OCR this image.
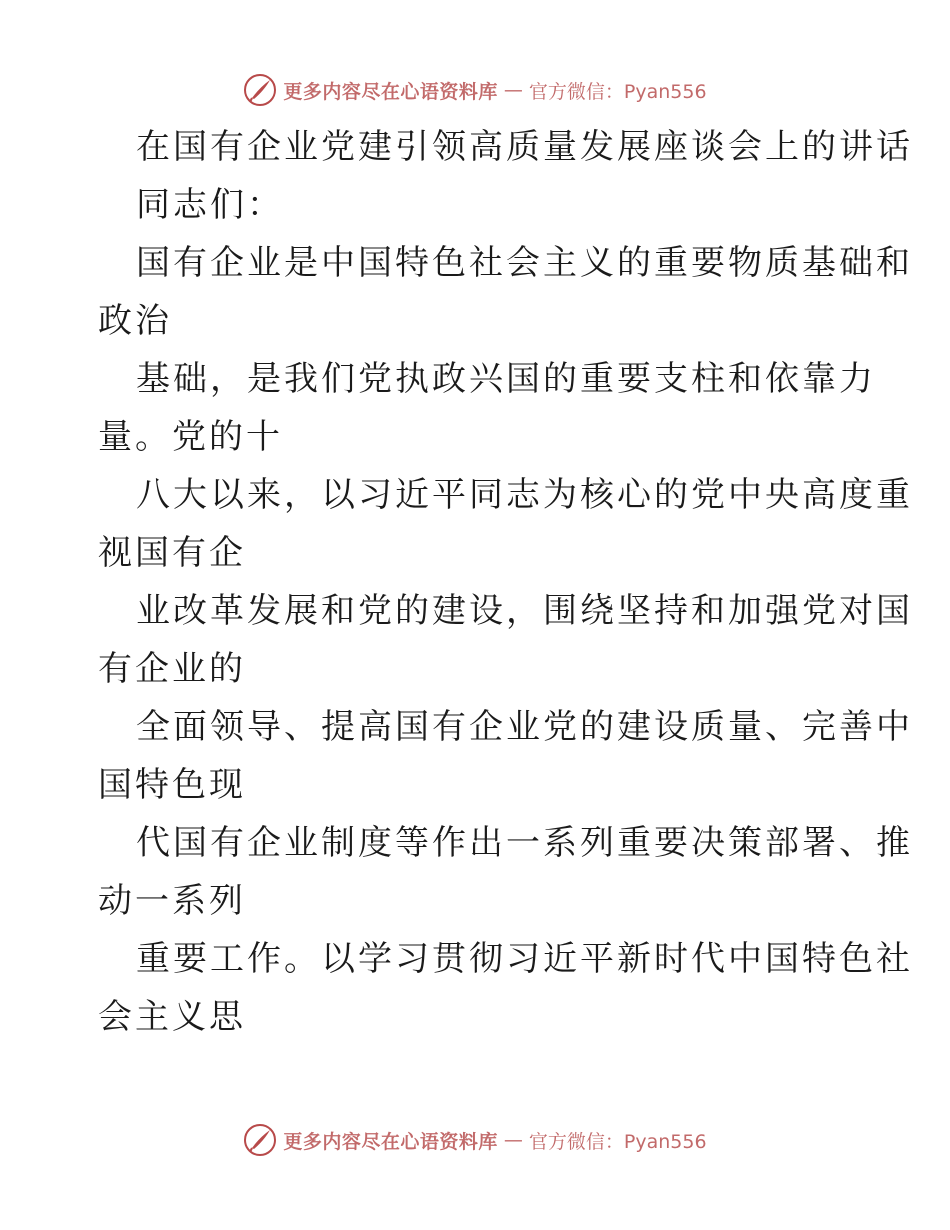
更多内容尽在心语资料库 — 官方微信：Pyan556
在国有企业党建引领高质量发展座谈会上的讲话
同志们：
国有企业是中国特色社会主义的重要物质基础和
政治
基础，是我们党执政兴国的重要支柱和依靠力
量。党的十
八大以来，以习近平同志为核心的党中央高度重
视国有企
业改革发展和党的建设，围绕坚持和加强党对国
有企业的
全面领导、提高国有企业党的建设质量、完善中
国特色现
代国有企业制度等作出一系列重要决策部署、推
动一系列
重要工作。以学习贯彻习近平新时代中国特色社
会主义思
更多内容尽在心语资料库 — 官方微信：Pyan556
